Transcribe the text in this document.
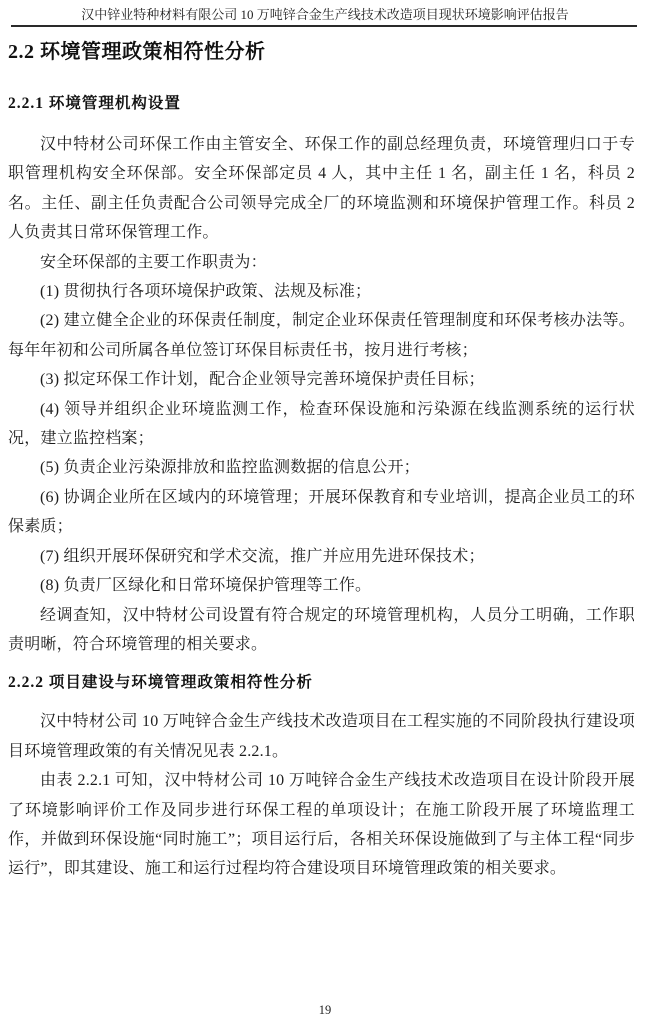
汉中锌业特种材料有限公司 10 万吨锌合金生产线技术改造项目现状环境影响评估报告
2.2 环境管理政策相符性分析
2.2.1 环境管理机构设置

汉中特材公司环保工作由主管安全、环保工作的副总经理负责，环境管理归口于专职管理机构安全环保部。安全环保部定员 4 人，其中主任 1 名，副主任 1 名，科员 2 名。主任、副主任负责配合公司领导完成全厂的环境监测和环境保护管理工作。科员 2 人负责其日常环保管理工作。

安全环保部的主要工作职责为：

(1) 贯彻执行各项环境保护政策、法规及标准；

(2) 建立健全企业的环保责任制度，制定企业环保责任管理制度和环保考核办法等。每年年初和公司所属各单位签订环保目标责任书，按月进行考核；

(3) 拟定环保工作计划，配合企业领导完善环境保护责任目标；

(4) 领导并组织企业环境监测工作，检查环保设施和污染源在线监测系统的运行状况，建立监控档案；

(5) 负责企业污染源排放和监控监测数据的信息公开；

(6) 协调企业所在区域内的环境管理；开展环保教育和专业培训，提高企业员工的环保素质；

(7) 组织开展环保研究和学术交流，推广并应用先进环保技术；

(8) 负责厂区绿化和日常环境保护管理等工作。

经调查知，汉中特材公司设置有符合规定的环境管理机构，人员分工明确，工作职责明晰，符合环境管理的相关要求。

2.2.2 项目建设与环境管理政策相符性分析

汉中特材公司 10 万吨锌合金生产线技术改造项目在工程实施的不同阶段执行建设项目环境管理政策的有关情况见表 2.2.1。

由表 2.2.1 可知，汉中特材公司 10 万吨锌合金生产线技术改造项目在设计阶段开展了环境影响评价工作及同步进行环保工程的单项设计；在施工阶段开展了环境监理工作，并做到环保设施“同时施工”；项目运行后，各相关环保设施做到了与主体工程“同步运行”，即其建设、施工和运行过程均符合建设项目环境管理政策的相关要求。

19
